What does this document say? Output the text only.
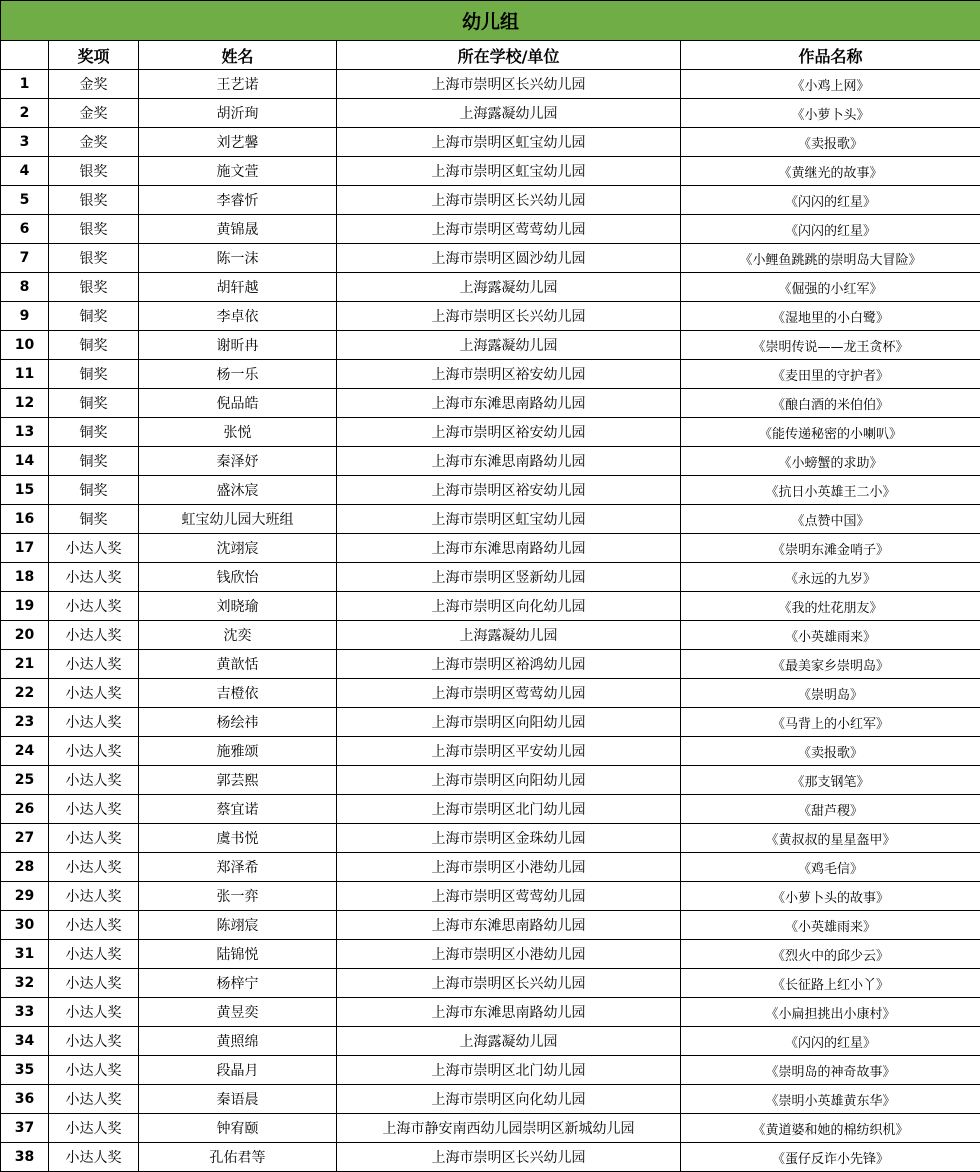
幼儿组				
	奖项	姓名	所在学校/单位	作品名称
1	金奖	王艺诺	上海市崇明区长兴幼儿园	《小鸡上网》
2	金奖	胡沂珣	上海露凝幼儿园	《小萝卜头》
3	金奖	刘艺馨	上海市崇明区虹宝幼儿园	《卖报歌》
4	银奖	施文萱	上海市崇明区虹宝幼儿园	《黄继光的故事》
5	银奖	李睿忻	上海市崇明区长兴幼儿园	《闪闪的红星》
6	银奖	黄锦晟	上海市崇明区莺莺幼儿园	《闪闪的红星》
7	银奖	陈一沫	上海市崇明区圆沙幼儿园	《小鲤鱼跳跳的崇明岛大冒险》
8	银奖	胡轩越	上海露凝幼儿园	《倔强的小红军》
9	铜奖	李卓依	上海市崇明区长兴幼儿园	《湿地里的小白鹭》
10	铜奖	谢昕冉	上海露凝幼儿园	《崇明传说——龙王贪杯》
11	铜奖	杨一乐	上海市崇明区裕安幼儿园	《麦田里的守护者》
12	铜奖	倪品皓	上海市东滩思南路幼儿园	《酿白酒的米伯伯》
13	铜奖	张悦	上海市崇明区裕安幼儿园	《能传递秘密的小喇叭》
14	铜奖	秦泽妤	上海市东滩思南路幼儿园	《小螃蟹的求助》
15	铜奖	盛沐宸	上海市崇明区裕安幼儿园	《抗日小英雄王二小》
16	铜奖	虹宝幼儿园大班组	上海市崇明区虹宝幼儿园	《点赞中国》
17	小达人奖	沈翊宸	上海市东滩思南路幼儿园	《崇明东滩金哨子》
18	小达人奖	钱欣怡	上海市崇明区竖新幼儿园	《永远的九岁》
19	小达人奖	刘晓瑜	上海市崇明区向化幼儿园	《我的灶花朋友》
20	小达人奖	沈奕	上海露凝幼儿园	《小英雄雨来》
21	小达人奖	黄歆恬	上海市崇明区裕鸿幼儿园	《最美家乡崇明岛》
22	小达人奖	吉橙依	上海市崇明区莺莺幼儿园	《崇明岛》
23	小达人奖	杨绘祎	上海市崇明区向阳幼儿园	《马背上的小红军》
24	小达人奖	施雅颂	上海市崇明区平安幼儿园	《卖报歌》
25	小达人奖	郭芸熙	上海市崇明区向阳幼儿园	《那支钢笔》
26	小达人奖	蔡宜诺	上海市崇明区北门幼儿园	《甜芦稷》
27	小达人奖	虞书悦	上海市崇明区金珠幼儿园	《黄叔叔的星星盔甲》
28	小达人奖	郑泽希	上海市崇明区小港幼儿园	《鸡毛信》
29	小达人奖	张一弈	上海市崇明区莺莺幼儿园	《小萝卜头的故事》
30	小达人奖	陈翊宸	上海市东滩思南路幼儿园	《小英雄雨来》
31	小达人奖	陆锦悦	上海市崇明区小港幼儿园	《烈火中的邱少云》
32	小达人奖	杨梓宁	上海市崇明区长兴幼儿园	《长征路上红小丫》
33	小达人奖	黄昱奕	上海市东滩思南路幼儿园	《小扁担挑出小康村》
34	小达人奖	黄照绵	上海露凝幼儿园	《闪闪的红星》
35	小达人奖	段晶月	上海市崇明区北门幼儿园	《崇明岛的神奇故事》
36	小达人奖	秦语晨	上海市崇明区向化幼儿园	《崇明小英雄黄东华》
37	小达人奖	钟宥颐	上海市静安南西幼儿园崇明区新城幼儿园	《黄道婆和她的棉纺织机》
38	小达人奖	孔佑君等	上海市崇明区长兴幼儿园	《蛋仔反诈小先锋》
